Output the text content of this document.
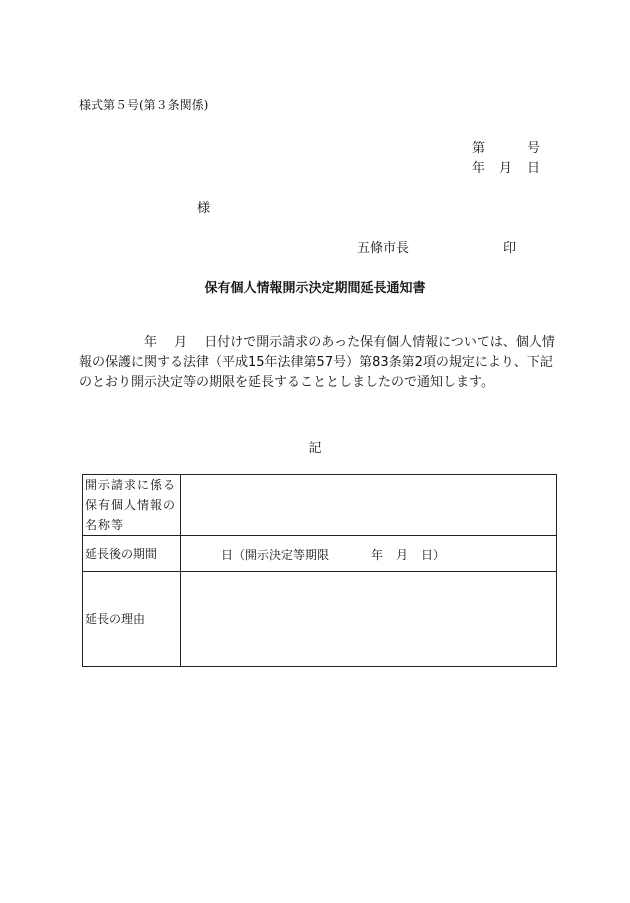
様式第５号(第３条関係)
第	号
年 月 日
様
五條市長	印
保有個人情報開示決定期間延長通知書

　　　　　年　 月　 日付けで開示請求のあった保有個人情報については、個人情

報の保護に関する法律（平成15年法律第57号）第83条第2項の規定により、下記

のとおり開示決定等の期限を延長することとしましたので通知します。

記
開示請求に係る保有個人情報の名称等	
延長後の期間	日（開示決定等期限 年 月 日）

延長の理由	
